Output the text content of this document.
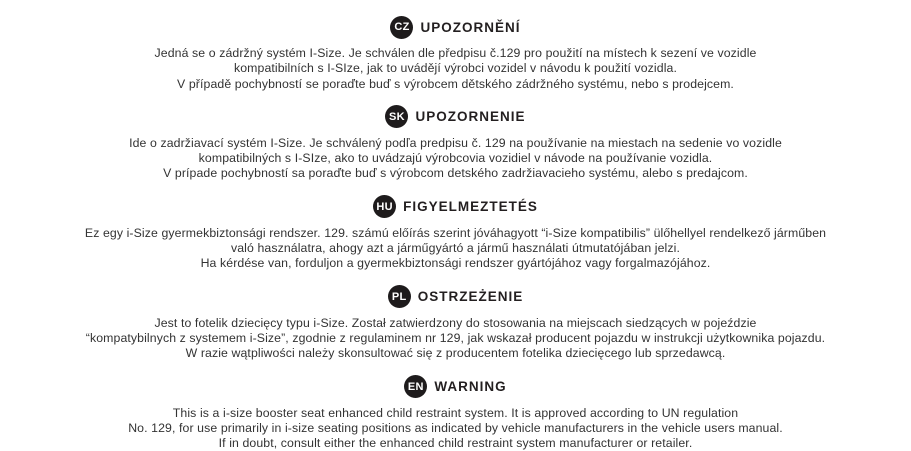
CZ UPOZORNĚNÍ
Jedná se o zádržný systém I-Size. Je schválen dle předpisu č.129 pro použití na místech k sezení ve vozidle
kompatibilních s I-SIze, jak to uvádějí výrobci vozidel v návodu k použití vozidla.
V případě pochybností se poraďte buď s výrobcem dětského zádržného systému, nebo s prodejcem.
SK UPOZORNENIE
Ide o zadržiavací systém I-Size. Je schválený podľa predpisu č. 129 na používanie na miestach na sedenie vo vozidle
kompatibilných s I-SIze, ako to uvádzajú výrobcovia vozidiel v návode na používanie vozidla.
V prípade pochybností sa poraďte buď s výrobcom detského zadržiavacieho systému, alebo s predajcom.
HU FIGYELMEZTETÉS
Ez egy i-Size gyermekbiztonsági rendszer. 129. számú előírás szerint jóváhagyott “i-Size kompatibilis” ülőhellyel rendelkező járműben
való használatra, ahogy azt a járműgyártó a jármű használati útmutatójában jelzi.
Ha kérdése van, forduljon a gyermekbiztonsági rendszer gyártójához vagy forgalmazójához.
PL OSTRZEŻENIE
Jest to fotelik dziecięcy typu i-Size. Został zatwierdzony do stosowania na miejscach siedzących w pojeździe
“kompatybilnych z systemem i-Size”, zgodnie z regulaminem nr 129, jak wskazał producent pojazdu w instrukcji użytkownika pojazdu.
W razie wątpliwości należy skonsultować się z producentem fotelika dziecięcego lub sprzedawcą.
EN WARNING
This is a i-size booster seat enhanced child restraint system. It is approved according to UN regulation
No. 129, for use primarily in i-size seating positions as indicated by vehicle manufacturers in the vehicle users manual.
If in doubt, consult either the enhanced child restraint system manufacturer or retailer.
